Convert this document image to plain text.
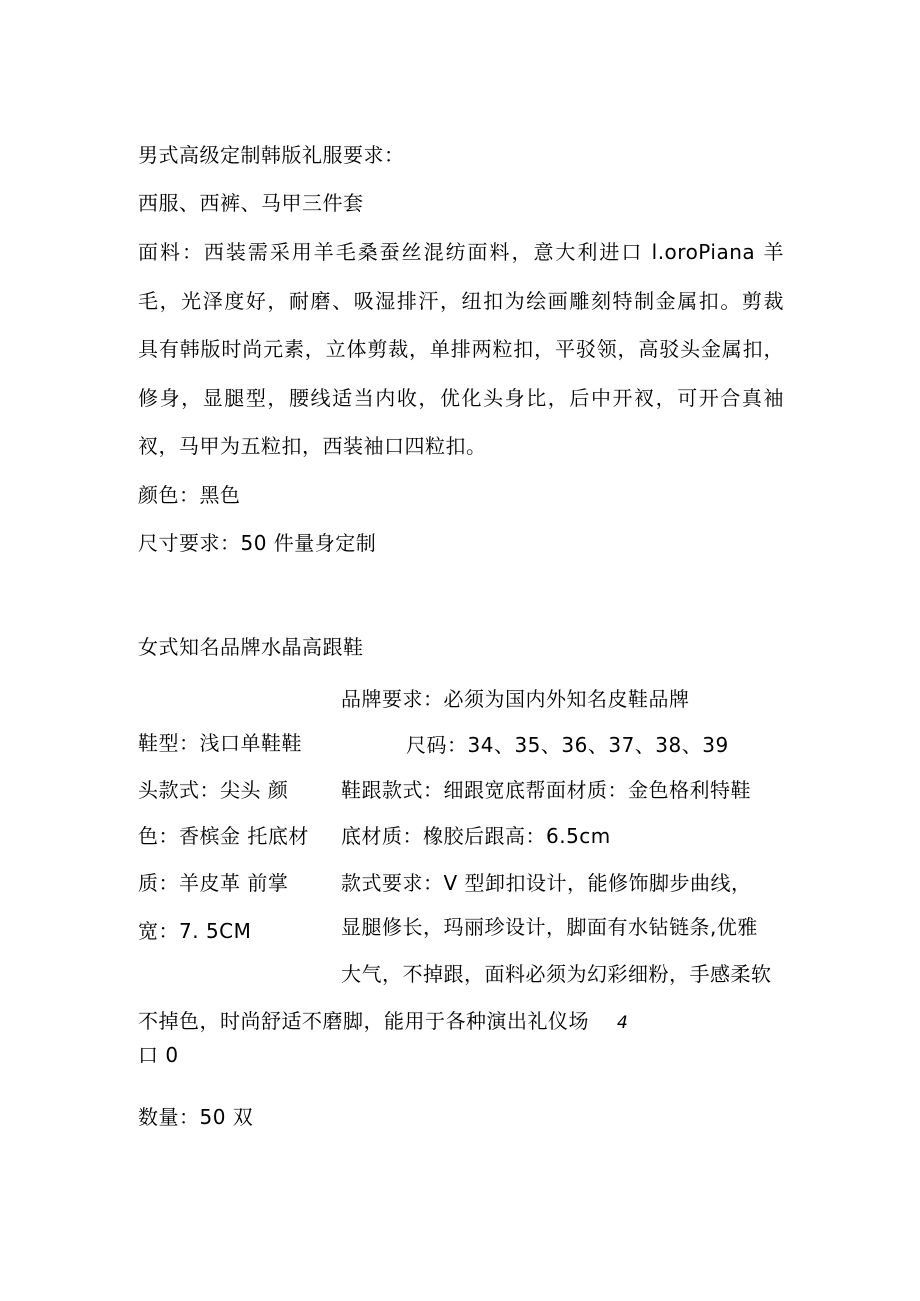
男式高级定制韩版礼服要求：
西服、西裤、马甲三件套
面料：西装需采用羊毛桑蚕丝混纺面料，意大利进口 l.oroPiana 羊
毛，光泽度好，耐磨、吸湿排汗，纽扣为绘画雕刻特制金属扣。剪裁
具有韩版时尚元素，立体剪裁，单排两粒扣，平驳领，高驳头金属扣，
修身，显腿型，腰线适当内收，优化头身比，后中开衩，可开合真袖
衩，马甲为五粒扣，西装袖口四粒扣。
颜色：黑色
尺寸要求：50 件量身定制
女式知名品牌水晶高跟鞋
品牌要求：必须为国内外知名皮鞋品牌
鞋型：浅口单鞋鞋	尺码：34、35、36、37、38、39
头款式：尖头 颜	鞋跟款式：细跟宽底帮面材质：金色格利特鞋
色：香槟金 托底材 底材质：橡胶后跟高：6.5cm
质：羊皮革 前掌	款式要求：V 型卸扣设计，能修饰脚步曲线，
宽：7. 5CM	显腿修长，玛丽珍设计，脚面有水钻链条,优雅
大气，不掉跟，面料必须为幻彩细粉，手感柔软
不掉色，时尚舒适不磨脚，能用于各种演出礼仪场 4
口 0
数量：50 双
